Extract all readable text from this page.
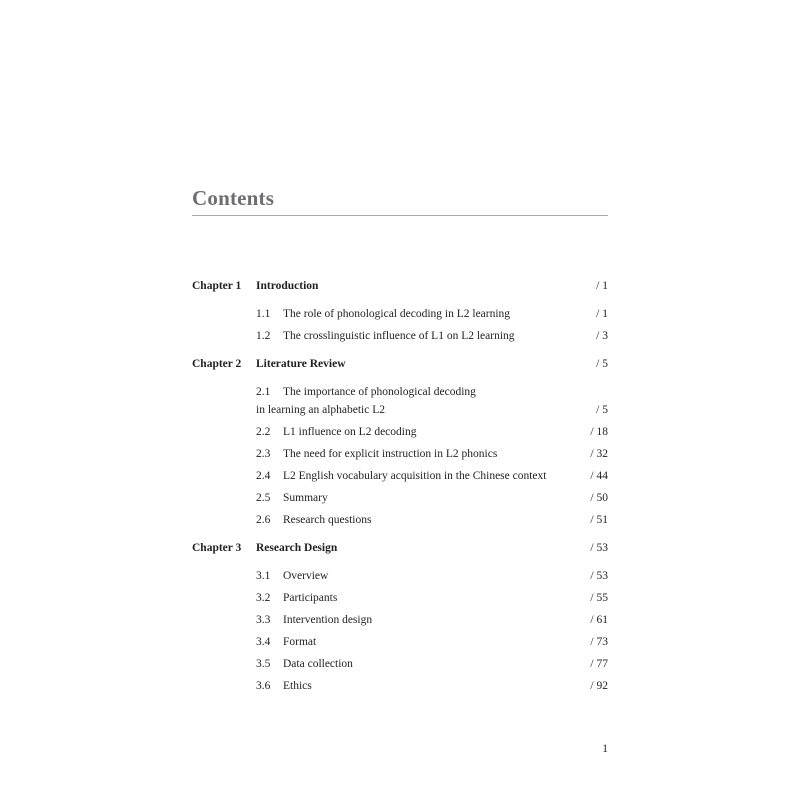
Contents
Chapter 1 Introduction	/ 1
1.1 The role of phonological decoding in L2 learning	/ 1
1.2 The crosslinguistic influence of L1 on L2 learning	/ 3
Chapter 2 Literature Review	/ 5
2.1 The importance of phonological decoding
in learning an alphabetic L2	/ 5
2.2 L1 influence on L2 decoding	/ 18
2.3 The need for explicit instruction in L2 phonics	/ 32
2.4 L2 English vocabulary acquisition in the Chinese context	/ 44
2.5 Summary	/ 50
2.6 Research questions	/ 51
Chapter 3 Research Design	/ 53
3.1 Overview	/ 53
3.2 Participants	/ 55
3.3 Intervention design	/ 61
3.4 Format	/ 73
3.5 Data collection	/ 77
3.6 Ethics	/ 92
1
